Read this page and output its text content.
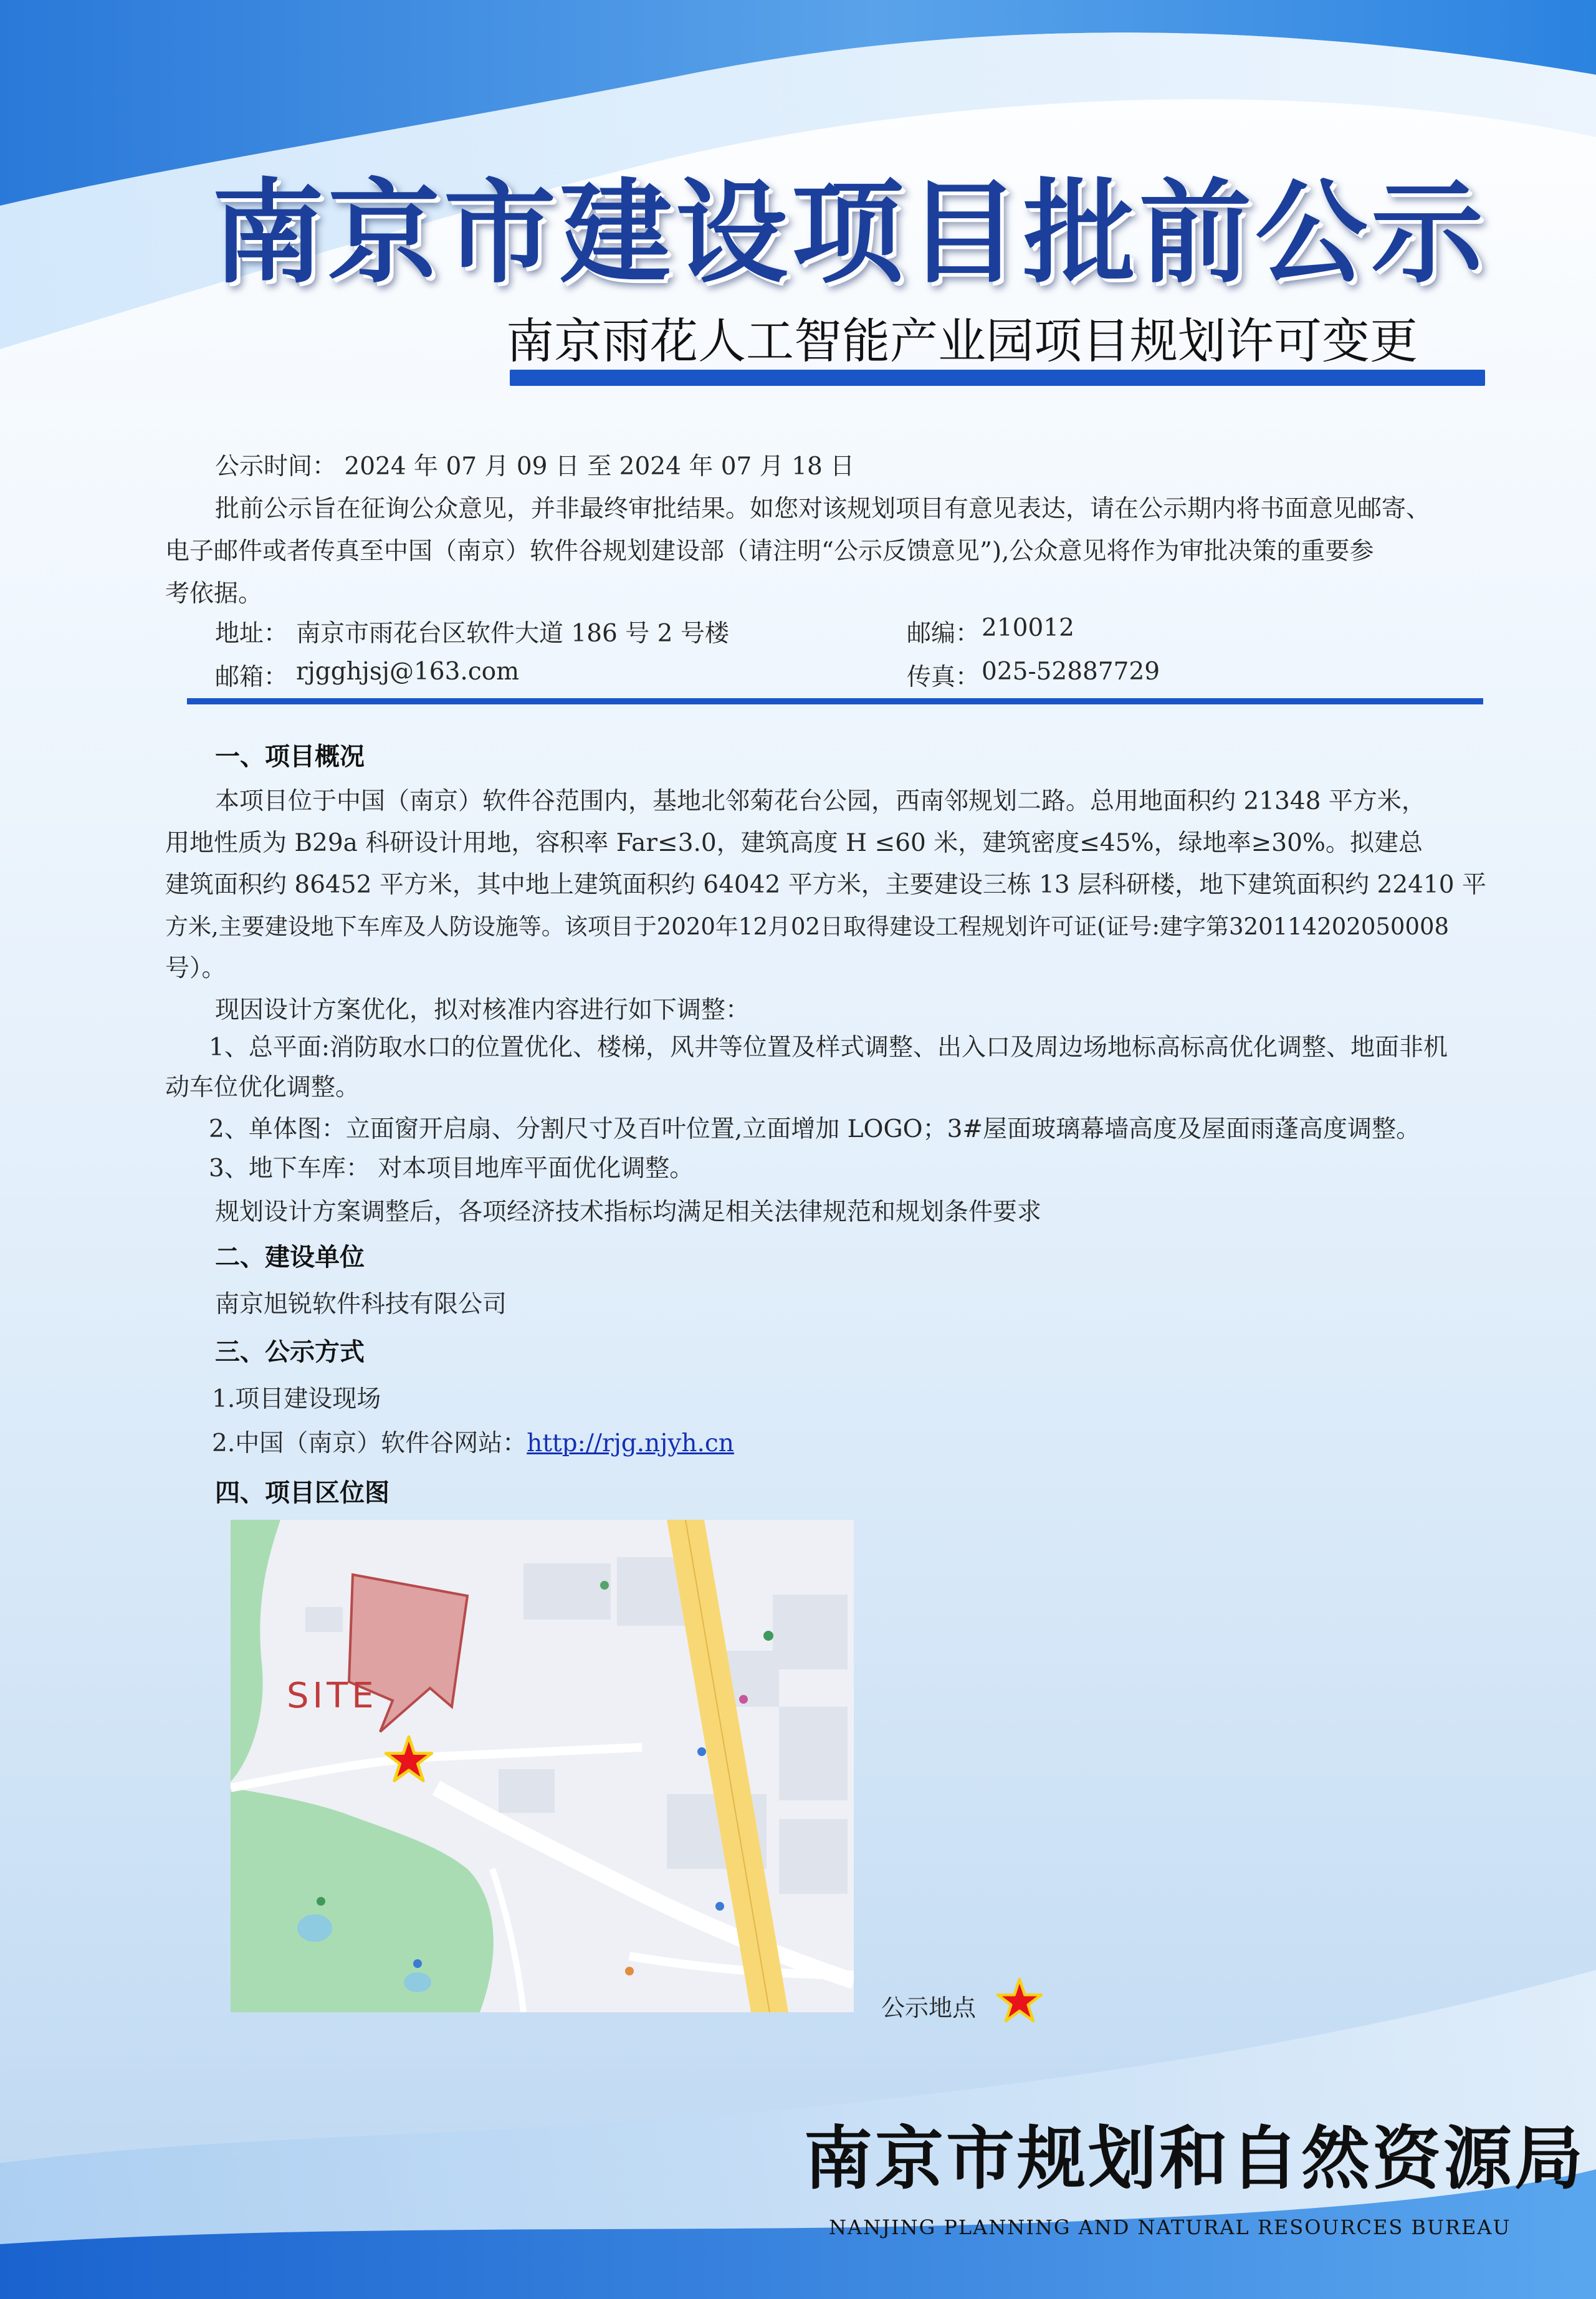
南京市建设项目批前公示
南京雨花人工智能产业园项目规划许可变更
公示时间： 2024 年 07 月 09 日 至 2024 年 07 月 18 日
批前公示旨在征询公众意见，并非最终审批结果。如您对该规划项目有意见表达，请在公示期内将书面意见邮寄、
电子邮件或者传真至中国（南京）软件谷规划建设部（请注明“公示反馈意见”),公众意见将作为审批决策的重要参
考依据。
地址： 南京市雨花台区软件大道 186 号 2 号楼	邮编： 210012
邮箱： rjgghjsj@163.com	传真： 025-52887729
一、项目概况
本项目位于中国（南京）软件谷范围内，基地北邻菊花台公园，西南邻规划二路。总用地面积约 21348 平方米，
用地性质为 B29a 科研设计用地，容积率 Far≤3.0，建筑高度 H ≤60 米，建筑密度≤45%，绿地率≥30%。拟建总
建筑面积约 86452 平方米，其中地上建筑面积约 64042 平方米，主要建设三栋 13 层科研楼，地下建筑面积约 22410 平
方米,主要建设地下车库及人防设施等。该项目于2020年12月02日取得建设工程规划许可证(证号:建字第320114202050008
号）。
现因设计方案优化，拟对核准内容进行如下调整：
1、总平面:消防取水口的位置优化、楼梯，风井等位置及样式调整、出入口及周边场地标高标高优化调整、地面非机
动车位优化调整。
2、单体图：立面窗开启扇、分割尺寸及百叶位置,立面增加 LOGO；3#屋面玻璃幕墙高度及屋面雨蓬高度调整。
3、地下车库： 对本项目地库平面优化调整。
规划设计方案调整后，各项经济技术指标均满足相关法律规范和规划条件要求
二、建设单位
南京旭锐软件科技有限公司
三、公示方式
1.项目建设现场
2.中国（南京）软件谷网站：http://rjg.njyh.cn
四、项目区位图
SITE
公示地点
南京市规划和自然资源局
NANJING PLANNING AND NATURAL RESOURCES BUREAU
